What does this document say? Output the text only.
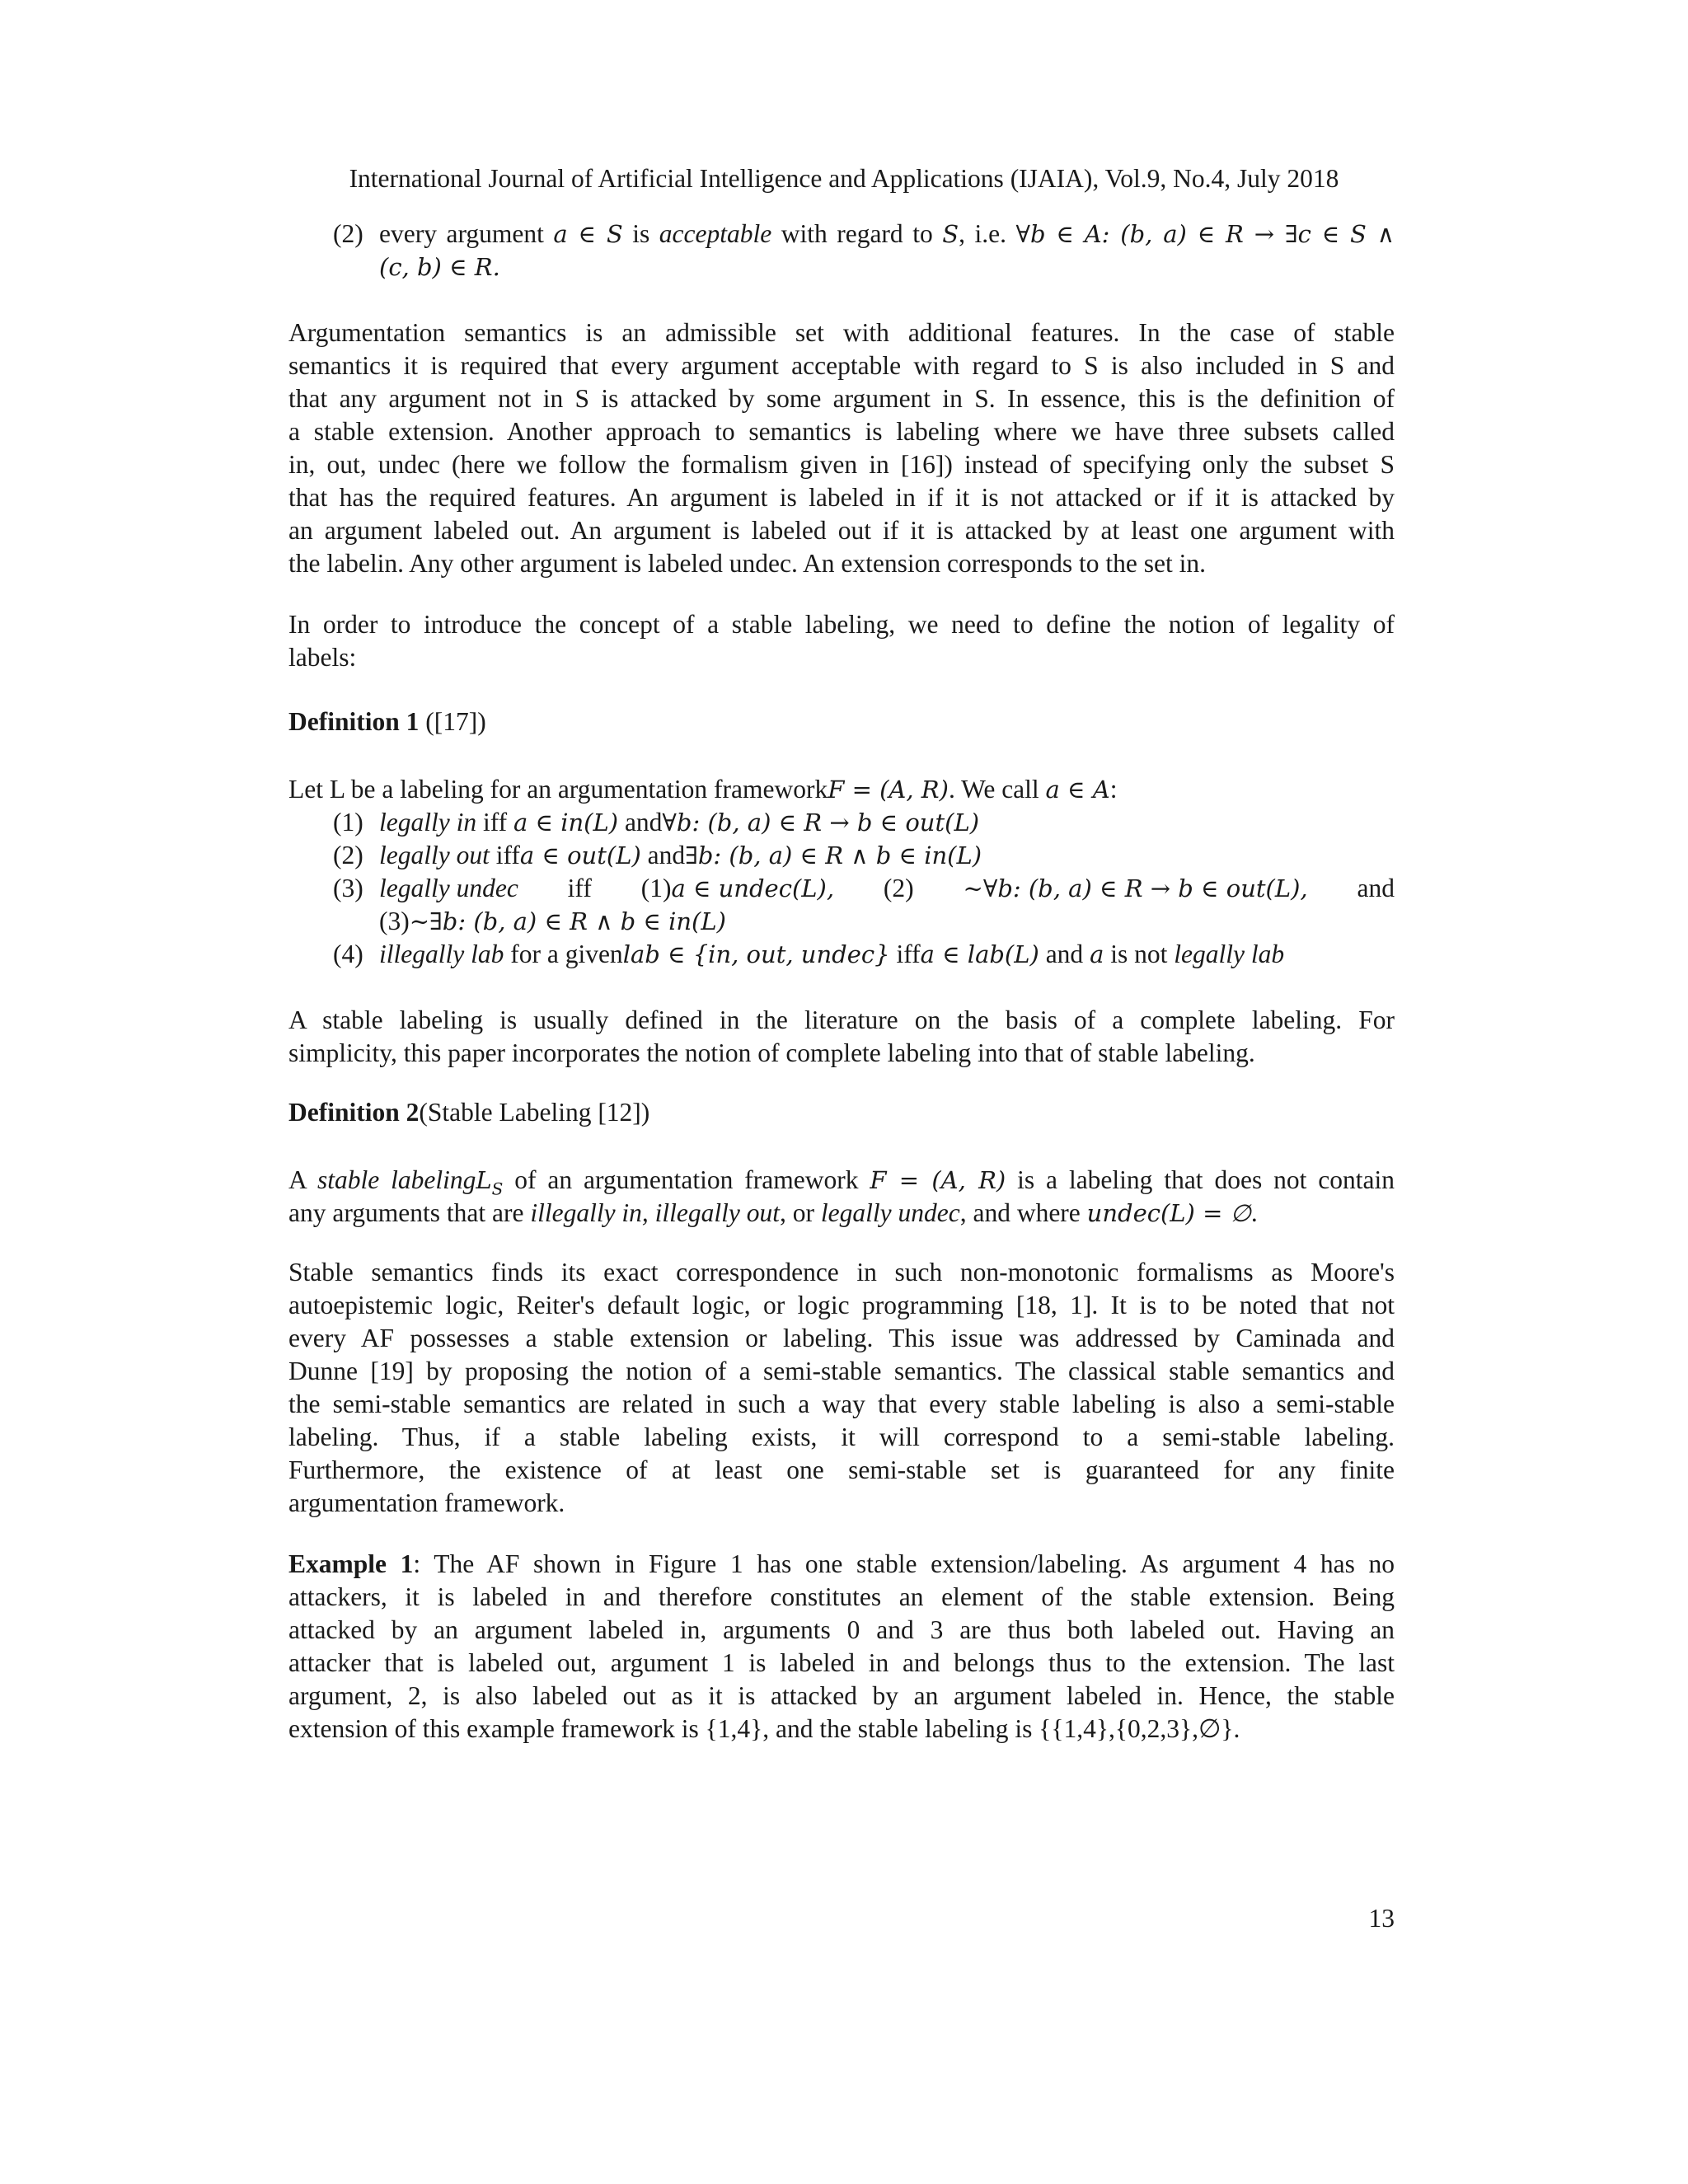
International Journal of Artificial Intelligence and Applications (IJAIA), Vol.9, No.4, July 2018
(2) every argument a ∈ S is acceptable with regard to S, i.e. ∀b ∈ A: (b, a) ∈ R → ∃c ∈ S ∧
(c, b) ∈ R.
Argumentation semantics is an admissible set with additional features. In the case of stable
semantics it is required that every argument acceptable with regard to S is also included in S and
that any argument not in S is attacked by some argument in S. In essence, this is the definition of
a stable extension. Another approach to semantics is labeling where we have three subsets called
in, out, undec (here we follow the formalism given in [16]) instead of specifying only the subset S
that has the required features. An argument is labeled in if it is not attacked or if it is attacked by
an argument labeled out. An argument is labeled out if it is attacked by at least one argument with
the labelin. Any other argument is labeled undec. An extension corresponds to the set in.
In order to introduce the concept of a stable labeling, we need to define the notion of legality of
labels:
Definition 1 ([17])
Let L be a labeling for an argumentation frameworkF = (A, R). We call a ∈ A:
(1) legally in iff a ∈ in(L) and∀b: (b, a) ∈ R → b ∈ out(L)
(2) legally out iffa ∈ out(L) and∃b: (b, a) ∈ R ∧ b ∈ in(L)
(3) legally undec iff (1)a ∈ undec(L), (2) ∼∀b: (b, a) ∈ R → b ∈ out(L), and
(3)∼∃b: (b, a) ∈ R ∧ b ∈ in(L)
(4) illegally lab for a givenlab ∈ {in, out, undec} iffa ∈ lab(L) and a is not legally lab
A stable labeling is usually defined in the literature on the basis of a complete labeling. For
simplicity, this paper incorporates the notion of complete labeling into that of stable labeling.
Definition 2(Stable Labeling [12])
A stable labelingL$_S$ of an argumentation framework F = (A, R) is a labeling that does not contain
any arguments that are illegally in, illegally out, or legally undec, and where undec(L) = ∅.
Stable semantics finds its exact correspondence in such non-monotonic formalisms as Moore's
autoepistemic logic, Reiter's default logic, or logic programming [18, 1]. It is to be noted that not
every AF possesses a stable extension or labeling. This issue was addressed by Caminada and
Dunne [19] by proposing the notion of a semi-stable semantics. The classical stable semantics and
the semi-stable semantics are related in such a way that every stable labeling is also a semi-stable
labeling. Thus, if a stable labeling exists, it will correspond to a semi-stable labeling.
Furthermore, the existence of at least one semi-stable set is guaranteed for any finite
argumentation framework.
Example 1: The AF shown in Figure 1 has one stable extension/labeling. As argument 4 has no
attackers, it is labeled in and therefore constitutes an element of the stable extension. Being
attacked by an argument labeled in, arguments 0 and 3 are thus both labeled out. Having an
attacker that is labeled out, argument 1 is labeled in and belongs thus to the extension. The last
argument, 2, is also labeled out as it is attacked by an argument labeled in. Hence, the stable
extension of this example framework is {1,4}, and the stable labeling is {{1,4},{0,2,3},∅}.
13
